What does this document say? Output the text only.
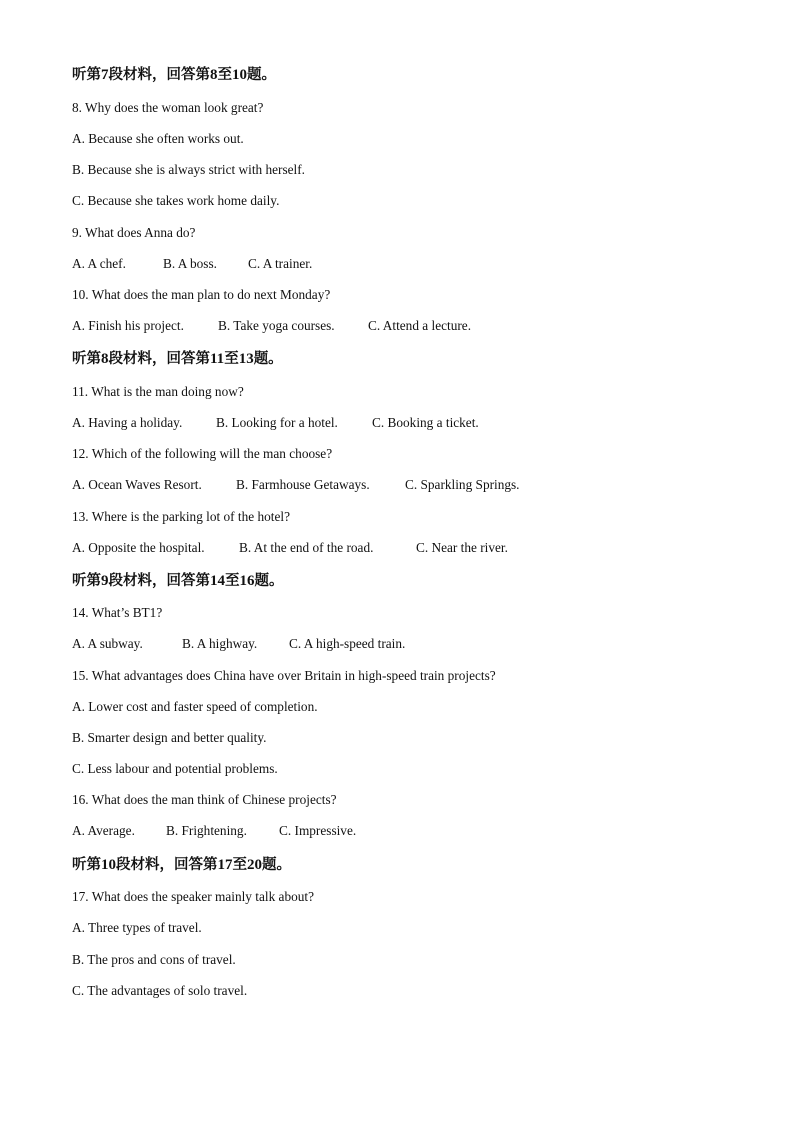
听第7段材料，回答第8至10题。
8. Why does the woman look great?
A. Because she often works out.
B. Because she is always strict with herself.
C. Because she takes work home daily.
9. What does Anna do?
A. A chef.	B. A boss. C. A trainer.
10. What does the man plan to do next Monday?
A. Finish his project.	B. Take yoga courses.	C. Attend a lecture.
听第8段材料，回答第11至13题。
11. What is the man doing now?
A. Having a holiday.	B. Looking for a hotel.	C. Booking a ticket.
12. Which of the following will the man choose?
A. Ocean Waves Resort.	B. Farmhouse Getaways.	C. Sparkling Springs.
13. Where is the parking lot of the hotel?
A. Opposite the hospital.	B. At the end of the road.	C. Near the river.
听第9段材料，回答第14至16题。
14. What’s BT1?
A. A subway.	B. A highway. C. A high-speed train.
15. What advantages does China have over Britain in high-speed train projects?
A. Lower cost and faster speed of completion.
B. Smarter design and better quality.
C. Less labour and potential problems.
16. What does the man think of Chinese projects?
A. Average. B. Frightening. C. Impressive.
听第10段材料，回答第17至20题。
17. What does the speaker mainly talk about?
A. Three types of travel.
B. The pros and cons of travel.
C. The advantages of solo travel.
